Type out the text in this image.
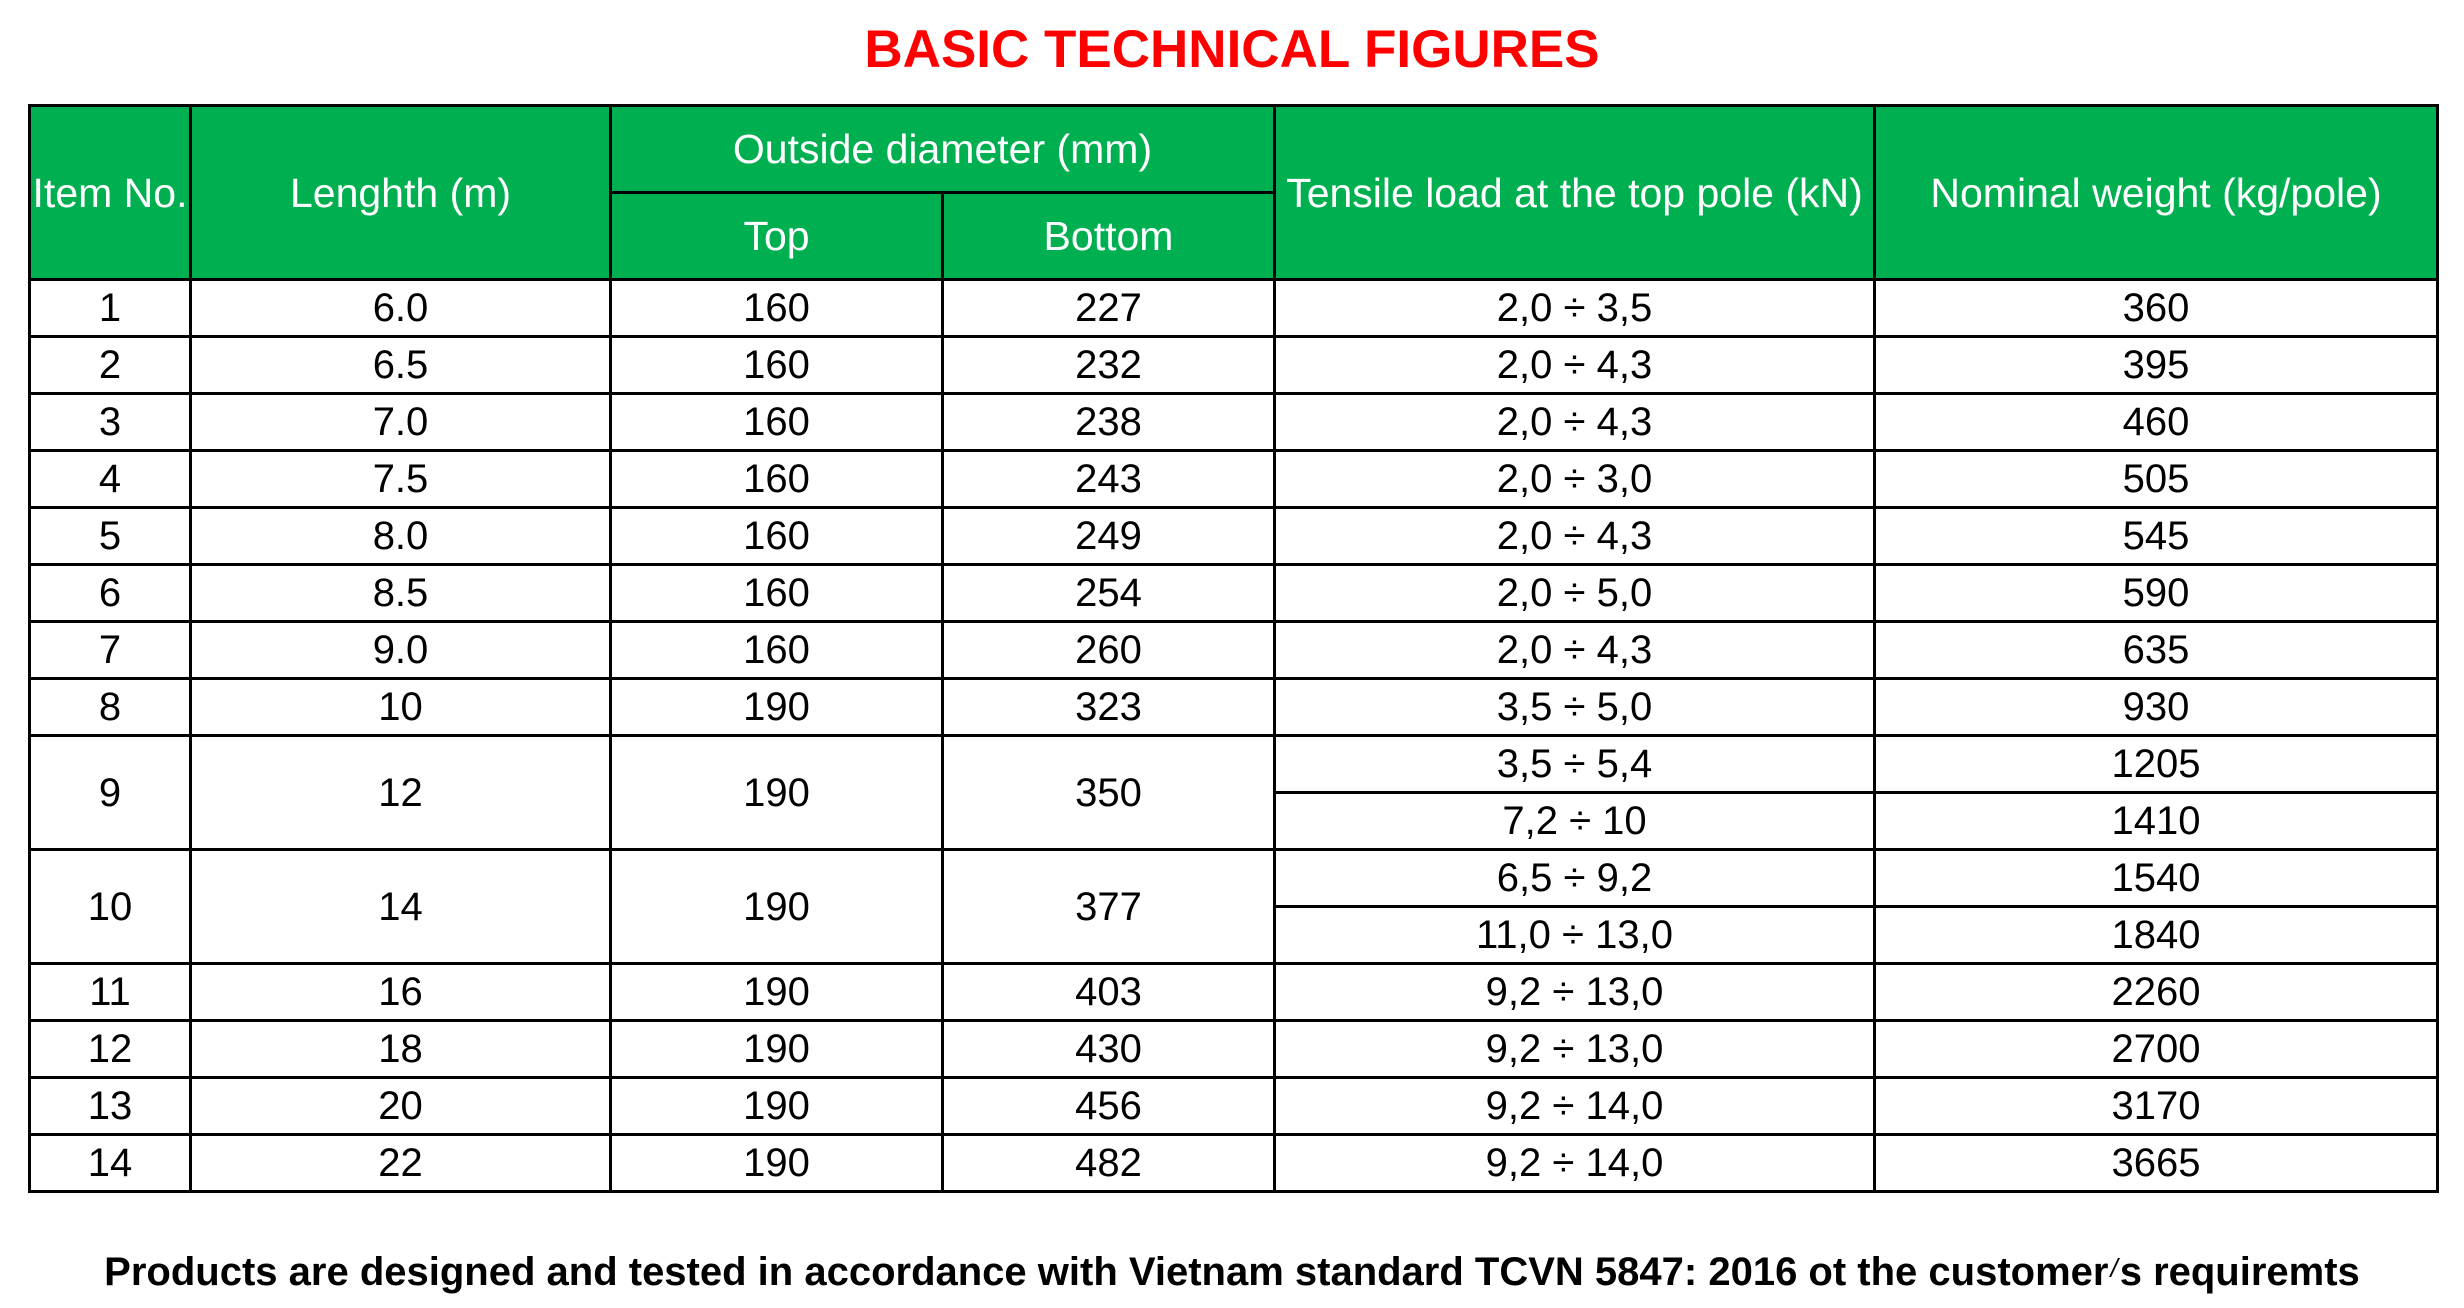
BASIC TECHNICAL FIGURES
Item No.	Lenghth (m)	Outside diameter (mm)		Tensile load at the top pole (kN)	Nominal weight (kg/pole)
		Top	Bottom		
1	6.0	160	227	2,0 ÷ 3,5	360
2	6.5	160	232	2,0 ÷ 4,3	395
3	7.0	160	238	2,0 ÷ 4,3	460
4	7.5	160	243	2,0 ÷ 3,0	505
5	8.0	160	249	2,0 ÷ 4,3	545
6	8.5	160	254	2,0 ÷ 5,0	590
7	9.0	160	260	2,0 ÷ 4,3	635
8	10	190	323	3,5 ÷ 5,0	930
9	12	190	350	3,5 ÷ 5,4	1205
				7,2 ÷ 10	1410
10	14	190	377	6,5 ÷ 9,2	1540
				11,0 ÷ 13,0	1840
11	16	190	403	9,2 ÷ 13,0	2260
12	18	190	430	9,2 ÷ 13,0	2700
13	20	190	456	9,2 ÷ 14,0	3170
14	22	190	482	9,2 ÷ 14,0	3665
Products are designed and tested in accordance with Vietnam standard TCVN 5847: 2016 ot the customer/s requiremts
